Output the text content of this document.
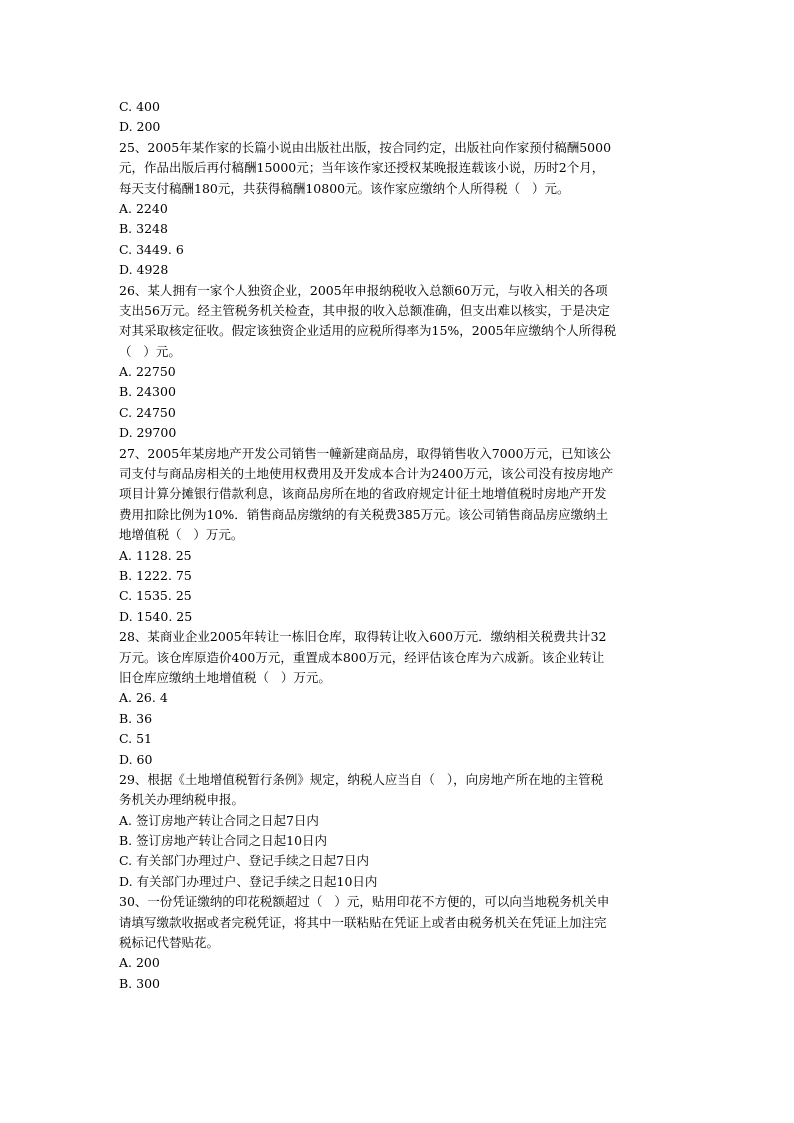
C. 400
D. 200
25、2005年某作家的长篇小说由出版社出版，按合同约定，出版社向作家预付稿酬5000
元，作品出版后再付稿酬15000元；当年该作家还授权某晚报连载该小说，历时2个月，
每天支付稿酬180元，共获得稿酬10800元。该作家应缴纳个人所得税（   ）元。
A. 2240
B. 3248
C. 3449. 6
D. 4928
26、某人拥有一家个人独资企业，2005年申报纳税收入总额60万元，与收入相关的各项
支出56万元。经主管税务机关检查，其申报的收入总额准确，但支出难以核实，于是决定
对其采取核定征收。假定该独资企业适用的应税所得率为15%，2005年应缴纳个人所得税
（   ）元。
A. 22750
B. 24300
C. 24750
D. 29700
27、2005年某房地产开发公司销售一幢新建商品房，取得销售收入7000万元，已知该公
司支付与商品房相关的土地使用权费用及开发成本合计为2400万元，该公司没有按房地产
项目计算分摊银行借款利息，该商品房所在地的省政府规定计征土地增值税时房地产开发
费用扣除比例为10%．销售商品房缴纳的有关税费385万元。该公司销售商品房应缴纳土
地增值税（   ）万元。
A. 1128. 25
B. 1222. 75
C. 1535. 25
D. 1540. 25
28、某商业企业2005年转让一栋旧仓库，取得转让收入600万元．缴纳相关税费共计32
万元。该仓库原造价400万元，重置成本800万元，经评估该仓库为六成新。该企业转让
旧仓库应缴纳土地增值税（   ）万元。
A. 26. 4
B. 36
C. 51
D. 60
29、根据《土地增值税暂行条例》规定，纳税人应当自（   ），向房地产所在地的主管税
务机关办理纳税申报。
A. 签订房地产转让合同之日起7日内
B. 签订房地产转让合同之日起10日内
C. 有关部门办理过户、登记手续之日起7日内
D. 有关部门办理过户、登记手续之日起10日内
30、一份凭证缴纳的印花税额超过（   ）元，贴用印花不方便的，可以向当地税务机关申
请填写缴款收据或者完税凭证，将其中一联粘贴在凭证上或者由税务机关在凭证上加注完
税标记代替贴花。
A. 200
B. 300
